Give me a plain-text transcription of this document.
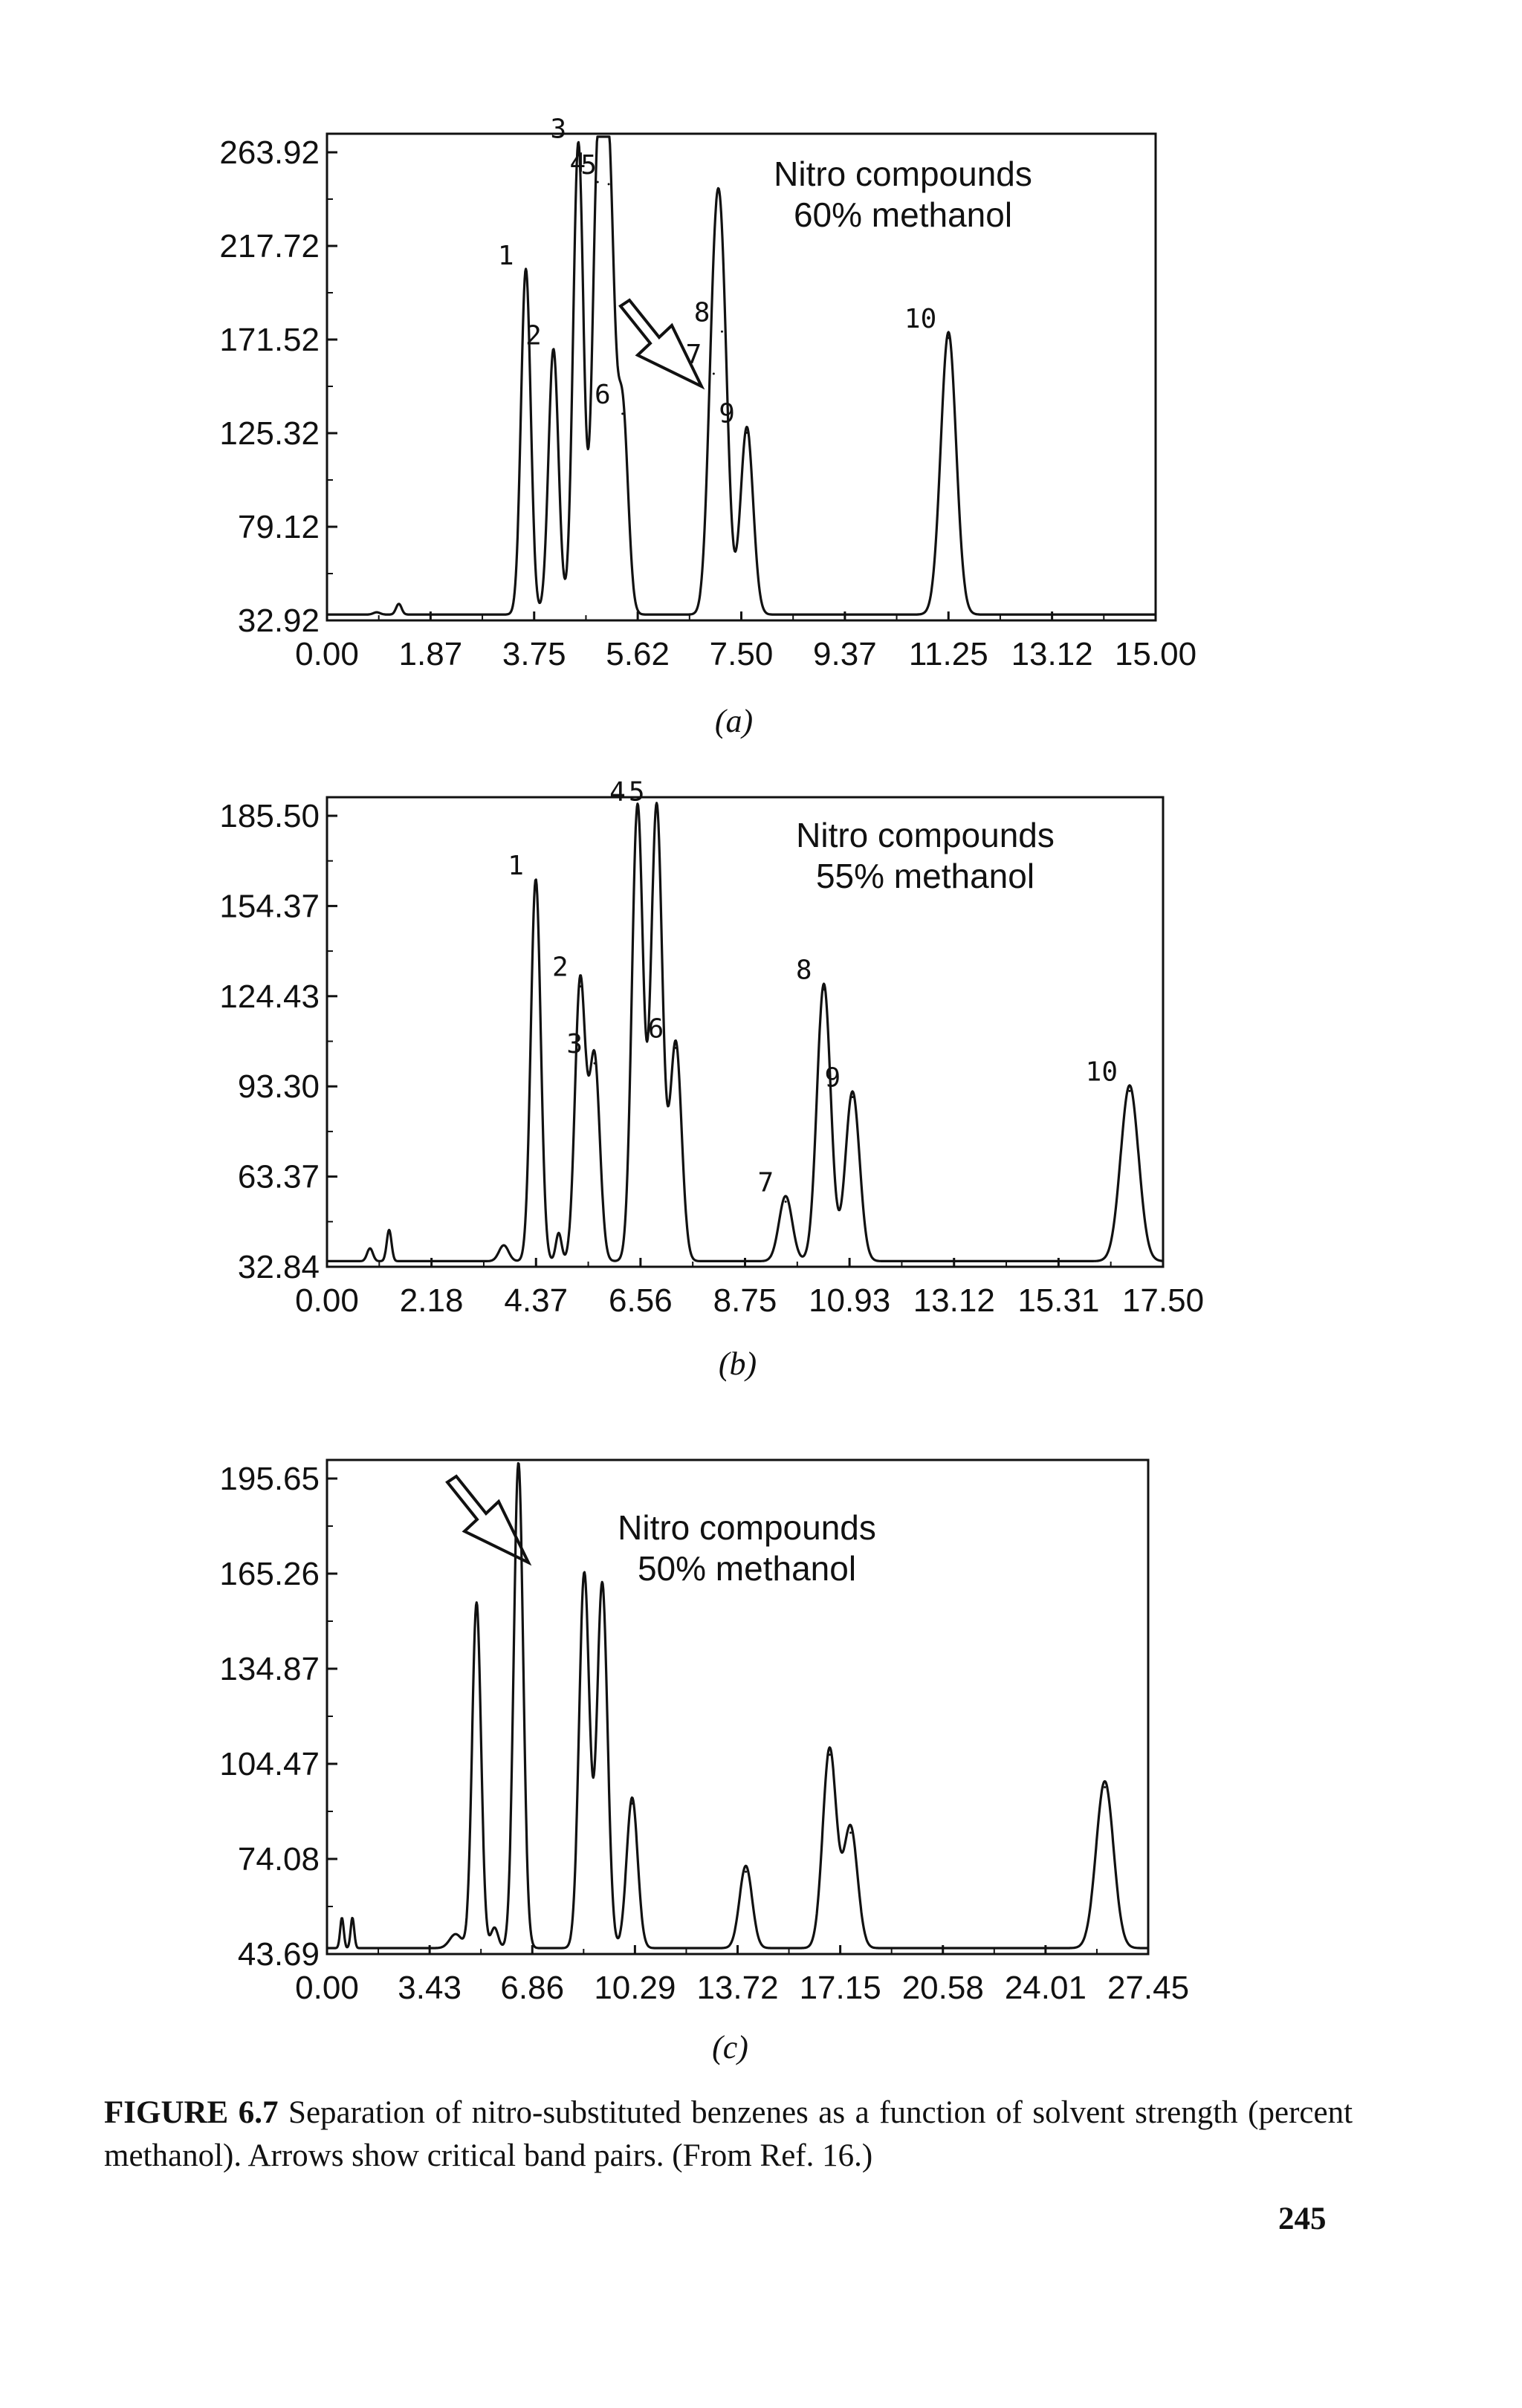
0.00 1.87 3.75 5.62 7.50 9.37 11.25 13.12 15.00
263.92
217.72
171.52
125.32
79.12
32.92
1
2
3
4
5
6
7
8
9
10
Nitro compounds
60% methanol
(a)
0.00 2.18 4.37 6.56 8.75 10.93 13.12 15.31 17.50
185.50
154.37
124.43
93.30
63.37
32.84
1
2
3
4 5
6
7
8
9	10
Nitro compounds
55% methanol
(b)
0.00 3.43 6.86 10.29 13.72 17.15 20.58 24.01 27.45
195.65
165.26
134.87
104.47
74.08
43.69
Nitro compounds
50% methanol
(c)
FIGURE 6.7 Separation of nitro-substituted benzenes as a function of solvent strength (percent methanol). Arrows show critical band pairs. (From Ref. 16.)
245
